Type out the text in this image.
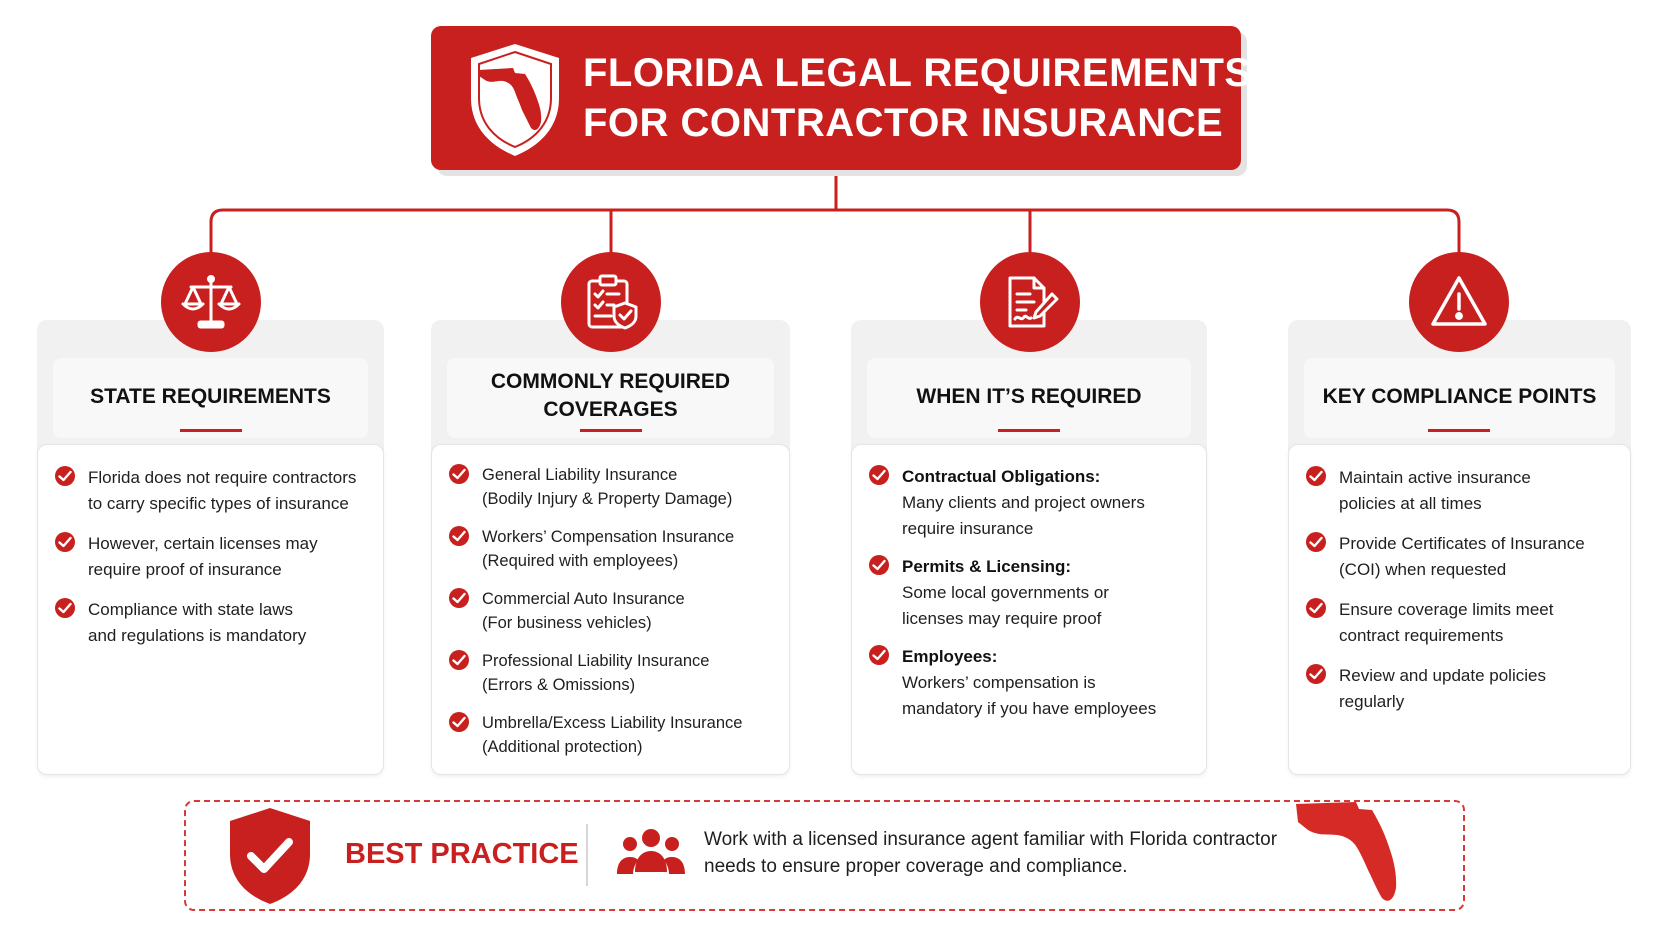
FLORIDA LEGAL REQUIREMENTS
FOR CONTRACTOR INSURANCE
STATE REQUIREMENTS
Florida does not require contractors
to carry specific types of insurance
However, certain licenses may
require proof of insurance
Compliance with state laws
and regulations is mandatory
COMMONLY REQUIRED
COVERAGES
General Liability Insurance
(Bodily Injury & Property Damage)
Workers’ Compensation Insurance
(Required with employees)
Commercial Auto Insurance
(For business vehicles)
Professional Liability Insurance
(Errors & Omissions)
Umbrella/Excess Liability Insurance
(Additional protection)
WHEN IT’S REQUIRED
Contractual Obligations:
Many clients and project owners
require insurance
Permits & Licensing:
Some local governments or
licenses may require proof
Employees:
Workers’ compensation is
mandatory if you have employees
KEY COMPLIANCE POINTS
Maintain active insurance
policies at all times
Provide Certificates of Insurance
(COI) when requested
Ensure coverage limits meet
contract requirements
Review and update policies
regularly
BEST PRACTICE	Work with a licensed insurance agent familiar with Florida contractor
needs to ensure proper coverage and compliance.
